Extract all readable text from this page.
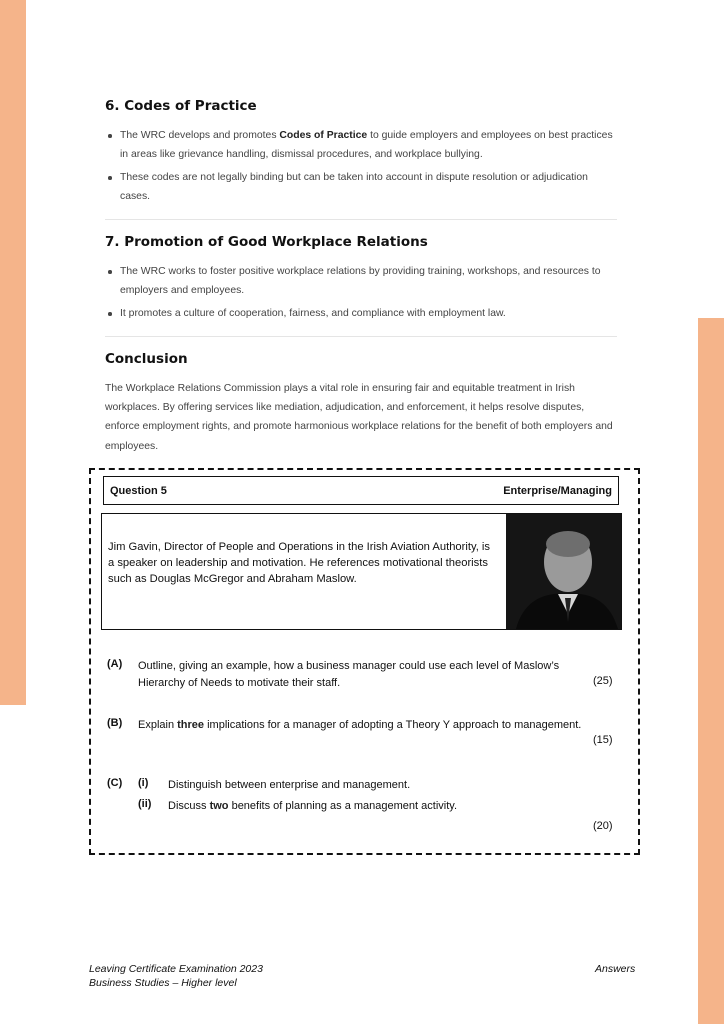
6. Codes of Practice
The WRC develops and promotes Codes of Practice to guide employers and employees on best practices in areas like grievance handling, dismissal procedures, and workplace bullying.
These codes are not legally binding but can be taken into account in dispute resolution or adjudication cases.
7. Promotion of Good Workplace Relations
The WRC works to foster positive workplace relations by providing training, workshops, and resources to employers and employees.
It promotes a culture of cooperation, fairness, and compliance with employment law.
Conclusion

The Workplace Relations Commission plays a vital role in ensuring fair and equitable treatment in Irish workplaces. By offering services like mediation, adjudication, and enforcement, it helps resolve disputes, enforce employment rights, and promote harmonious workplace relations for the benefit of both employers and employees.

Question 5	Enterprise/Managing
Jim Gavin, Director of People and Operations in the Irish Aviation Authority, is a speaker on leadership and motivation. He references motivational theorists such as Douglas McGregor and Abraham Maslow.
(A) Outline, giving an example, how a business manager could use each level of Maslow’s Hierarchy of Needs to motivate their staff.	(25)
(B) Explain three implications for a manager of adopting a Theory Y approach to management.
(15)
(C) (i) Distinguish between enterprise and management.
(ii) Discuss two benefits of planning as a management activity.
(20)
Leaving Certificate Examination 2023
Business Studies – Higher level
Answers
